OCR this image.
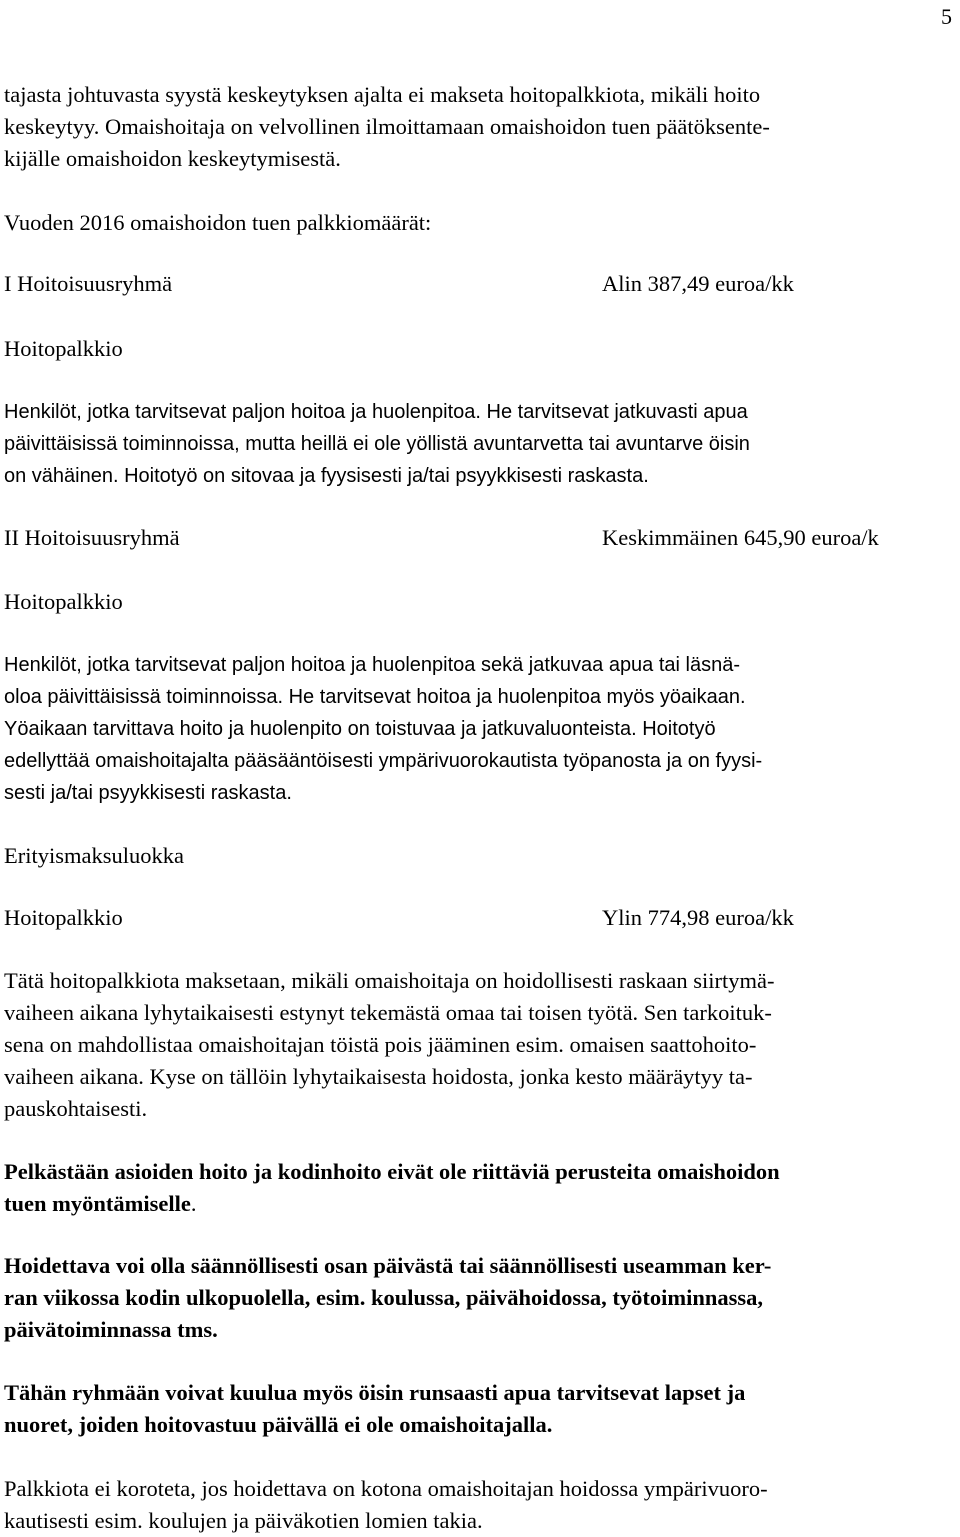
5
tajasta johtuvasta syystä keskeytyksen ajalta ei makseta hoitopalkkiota, mikäli hoito
keskeytyy. Omaishoitaja on velvollinen ilmoittamaan omaishoidon tuen päätöksente-
kijälle omaishoidon keskeytymisestä.
Vuoden 2016 omaishoidon tuen palkkiomäärät:
I Hoitoisuusryhmä	Alin 387,49 euroa/kk
Hoitopalkkio
Henkilöt, jotka tarvitsevat paljon hoitoa ja huolenpitoa. He tarvitsevat jatkuvasti apua
päivittäisissä toiminnoissa, mutta heillä ei ole yöllistä avuntarvetta tai avuntarve öisin
on vähäinen. Hoitotyö on sitovaa ja fyysisesti ja/tai psyykkisesti raskasta.
II Hoitoisuusryhmä	Keskimmäinen 645,90 euroa/k
Hoitopalkkio
Henkilöt, jotka tarvitsevat paljon hoitoa ja huolenpitoa sekä jatkuvaa apua tai läsnä-
oloa päivittäisissä toiminnoissa. He tarvitsevat hoitoa ja huolenpitoa myös yöaikaan.
Yöaikaan tarvittava hoito ja huolenpito on toistuvaa ja jatkuvaluonteista. Hoitotyö
edellyttää omaishoitajalta pääsääntöisesti ympärivuorokautista työpanosta ja on fyysi-
sesti ja/tai psyykkisesti raskasta.
Erityismaksuluokka
Hoitopalkkio	Ylin 774,98 euroa/kk
Tätä hoitopalkkiota maksetaan, mikäli omaishoitaja on hoidollisesti raskaan siirtymä-
vaiheen aikana lyhytaikaisesti estynyt tekemästä omaa tai toisen työtä. Sen tarkoituk-
sena on mahdollistaa omaishoitajan töistä pois jääminen esim. omaisen saattohoito-
vaiheen aikana. Kyse on tällöin lyhytaikaisesta hoidosta, jonka kesto määräytyy ta-
pauskohtaisesti.
Pelkästään asioiden hoito ja kodinhoito eivät ole riittäviä perusteita omaishoidon
tuen myöntämiselle.
Hoidettava voi olla säännöllisesti osan päivästä tai säännöllisesti useamman ker-
ran viikossa kodin ulkopuolella, esim. koulussa, päivähoidossa, työtoiminnassa,
päivätoiminnassa tms.
Tähän ryhmään voivat kuulua myös öisin runsaasti apua tarvitsevat lapset ja
nuoret, joiden hoitovastuu päivällä ei ole omaishoitajalla.
Palkkiota ei koroteta, jos hoidettava on kotona omaishoitajan hoidossa ympärivuoro-
kautisesti esim. koulujen ja päiväkotien lomien takia.
